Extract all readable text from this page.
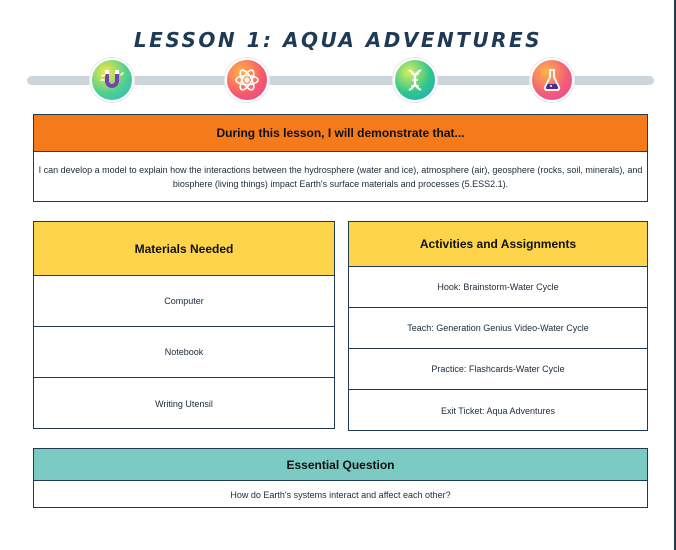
LESSON 1: AQUA ADVENTURES
During this lesson, I will demonstrate that...
I can develop a model to explain how the interactions between the hydrosphere (water and ice), atmosphere (air), geosphere (rocks, soil, minerals), and biosphere (living things) impact Earth's surface materials and processes (5.ESS2.1).
Materials Needed
Computer
Notebook
Writing Utensil
Activities and Assignments
Hook: Brainstorm-Water Cycle
Teach: Generation Genius Video-Water Cycle
Practice: Flashcards-Water Cycle
Exit Ticket: Aqua Adventures
Essential Question
How do Earth's systems interact and affect each other?
